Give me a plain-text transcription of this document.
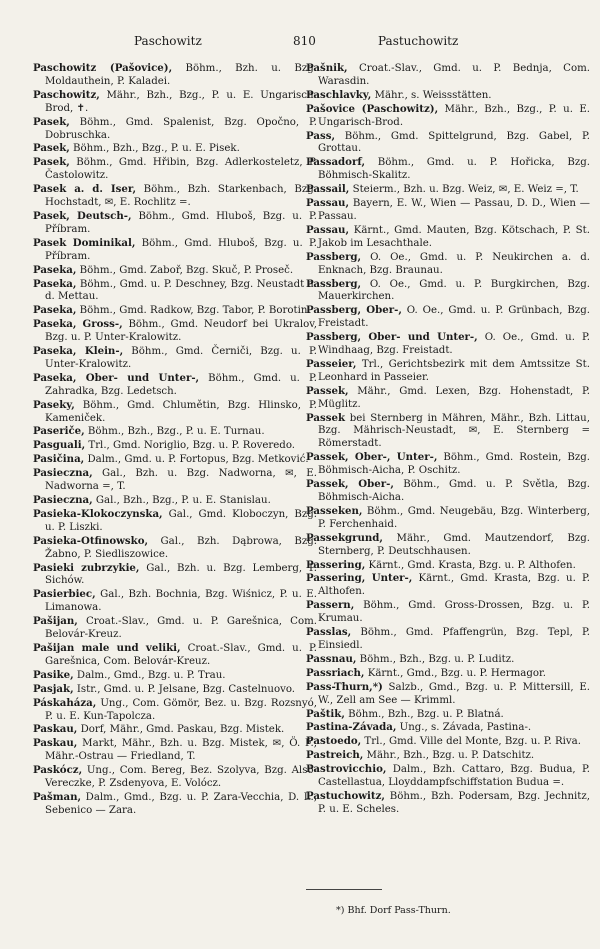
Paschowitz	810	Pastuchowitz

Paschowitz (Pašovice), Böhm., Bzh. u. Bzg. Moldauthein, P. Kaladei.

Paschowitz, Mähr., Bzh., Bzg., P. u. E. Ungarisch-Brod, ✝.

Pasek, Böhm., Gmd. Spalenist, Bzg. Opočno, P. Dobruschka.

Pasek, Böhm., Bzh., Bzg., P. u. E. Pisek.

Pasek, Böhm., Gmd. Hřibin, Bzg. Adlerkosteletz, P. Častolowitz.

Pasek a. d. Iser, Böhm., Bzh. Starkenbach, Bzg. Hochstadt, ✉, E. Rochlitz =.

Pasek, Deutsch-, Böhm., Gmd. Hluboš, Bzg. u. P. Příbram.

Pasek Dominikal, Böhm., Gmd. Hluboš, Bzg. u. P. Příbram.

Paseka, Böhm., Gmd. Zaboř, Bzg. Skuč, P. Proseč.

Paseka, Böhm., Gmd. u. P. Deschney, Bzg. Neustadt a. d. Mettau.

Paseka, Böhm., Gmd. Radkow, Bzg. Tabor, P. Borotin.

Paseka, Gross-, Böhm., Gmd. Neudorf bei Ukralov, Bzg. u. P. Unter-Kralowitz.

Paseka, Klein-, Böhm., Gmd. Černiči, Bzg. u. P. Unter-Kralowitz.

Paseka, Ober- und Unter-, Böhm., Gmd. u. P. Zahradka, Bzg. Ledetsch.

Paseky, Böhm., Gmd. Chlumětin, Bzg. Hlinsko, P. Kameniček.

Paseriče, Böhm., Bzh., Bzg., P. u. E. Turnau.

Pasguali, Trl., Gmd. Noriglio, Bzg. u. P. Roveredo.

Pasičina, Dalm., Gmd. u. P. Fortopus, Bzg. Metković.

Pasieczna, Gal., Bzh. u. Bzg. Nadworna, ✉, E. Nadworna =, T.

Pasieczna, Gal., Bzh., Bzg., P. u. E. Stanislau.

Pasieka-Klokoczynska, Gal., Gmd. Kloboczyn, Bzg. u. P. Liszki.

Pasieka-Otfinowsko, Gal., Bzh. Dąbrowa, Bzg. Žabno, P. Siedliszowice.

Pasieki zubrzykie, Gal., Bzh. u. Bzg. Lemberg, P. Sichów.

Pasierbiec, Gal., Bzh. Bochnia, Bzg. Wiśnicz, P. u. E. Limanowa.

Pašijan, Croat.-Slav., Gmd. u. P. Garešnica, Com. Belovár-Kreuz.

Pašijan male und veliki, Croat.-Slav., Gmd. u. P. Garešnica, Com. Belovár-Kreuz.

Pasike, Dalm., Gmd., Bzg. u. P. Trau.

Pasjak, Istr., Gmd. u. P. Jelsane, Bzg. Castelnuovo.

Páskaháza, Ung., Com. Gömör, Bez. u. Bzg. Rozsnyó, P. u. E. Kun-Tapolcza.

Paskau, Dorf, Mähr., Gmd. Paskau, Bzg. Mistek.

Paskau, Markt, Mähr., Bzh. u. Bzg. Mistek, ✉, Ö. F., Mähr.-Ostrau — Friedland, T.

Paskócz, Ung., Com. Bereg, Bez. Szolyva, Bzg. Alsó-Vereczke, P. Zsdenyova, E. Volócz.

Pašman, Dalm., Gmd., Bzg. u. P. Zara-Vecchia, D. L., Sebenico — Zara.

Pašnik, Croat.-Slav., Gmd. u. P. Bednja, Com. Warasdin.

Paschlavky, Mähr., s. Weissstätten.

Pašovice (Paschowitz), Mähr., Bzh., Bzg., P. u. E. Ungarisch-Brod.

Pass, Böhm., Gmd. Spittelgrund, Bzg. Gabel, P. Grottau.

Passadorf, Böhm., Gmd. u. P. Hořicka, Bzg. Böhmisch-Skalitz.

Passail, Steierm., Bzh. u. Bzg. Weiz, ✉, E. Weiz =, T.

Passau, Bayern, E. W., Wien — Passau, D. D., Wien — Passau.

Passau, Kärnt., Gmd. Mauten, Bzg. Kötschach, P. St. Jakob im Lesachthale.

Passberg, O. Oe., Gmd. u. P. Neukirchen a. d. Enknach, Bzg. Braunau.

Passberg, O. Oe., Gmd. u. P. Burgkirchen, Bzg. Mauerkirchen.

Passberg, Ober-, O. Oe., Gmd. u. P. Grünbach, Bzg. Freistadt.

Passberg, Ober- und Unter-, O. Oe., Gmd. u. P. Windhaag, Bzg. Freistadt.

Passeier, Trl., Gerichtsbezirk mit dem Amtssitze St. Leonhard in Passeier.

Passek, Mähr., Gmd. Lexen, Bzg. Hohenstadt, P. Müglitz.

Passek bei Sternberg in Mähren, Mähr., Bzh. Littau, Bzg. Mährisch-Neustadt, ✉, E. Sternberg = Römerstadt.

Passek, Ober-, Unter-, Böhm., Gmd. Rostein, Bzg. Böhmisch-Aicha, P. Oschitz.

Passek, Ober-, Böhm., Gmd. u. P. Světla, Bzg. Böhmisch-Aicha.

Passeken, Böhm., Gmd. Neugebäu, Bzg. Winterberg, P. Ferchenhaid.

Passekgrund, Mähr., Gmd. Mautzendorf, Bzg. Sternberg, P. Deutschhausen.

Passering, Kärnt., Gmd. Krasta, Bzg. u. P. Althofen.

Passering, Unter-, Kärnt., Gmd. Krasta, Bzg. u. P. Althofen.

Passern, Böhm., Gmd. Gross-Drossen, Bzg. u. P. Krumau.

Passlas, Böhm., Gmd. Pfaffengrün, Bzg. Tepl, P. Einsiedl.

Passnau, Böhm., Bzh., Bzg. u. P. Luditz.

Passriach, Kärnt., Gmd., Bzg. u. P. Hermagor.

Pass-Thurn,*) Salzb., Gmd., Bzg. u. P. Mittersill, E. W., Zell am See — Krimml.

Paštik, Böhm., Bzh., Bzg. u. P. Blatná.

Pastina-Závada, Ung., s. Závada, Pastina-.

Pastoedo, Trl., Gmd. Ville del Monte, Bzg. u. P. Riva.

Pastreich, Mähr., Bzh., Bzg. u. P. Datschitz.

Pastrovicchio, Dalm., Bzh. Cattaro, Bzg. Budua, P. Castellastua, Lloyddampfschiffstation Budua =.

Pastuchowitz, Böhm., Bzh. Podersam, Bzg. Jechnitz, P. u. E. Scheles.

*) Bhf. Dorf Pass-Thurn.
